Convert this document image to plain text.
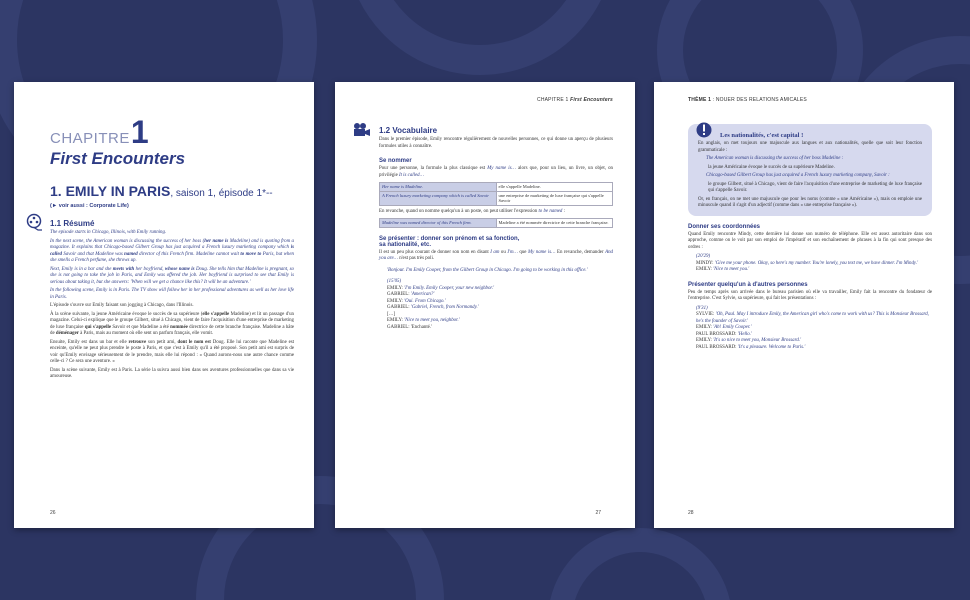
CHAPITRE 1
First Encounters
1. EMILY IN PARIS, saison 1, épisode 1*--
(► voir aussi : Corporate Life)
1.1 Résumé

The episode starts in Chicago, Illinois, with Emily running.

In the next scene, the American woman is discussing the success of her boss (her name is Madeline) and is quoting from a magazine. It explains that Chicago-based Gilbert Group has just acquired a French luxury marketing company which is called Savoir and that Madeline was named director of this French firm. Madeline cannot wait to move to Paris, but when she smells a French perfume, she throws up.

Next, Emily is in a bar and she meets with her boyfriend, whose name is Doug. She tells him that Madeline is pregnant, so she is not going to take the job in Paris, and Emily was offered the job. Her boyfriend is surprised to see that Emily is serious about taking it, but she answers: 'When will we get a chance like this? It will be an adventure.'

In the following scene, Emily is in Paris. The TV show will follow her in her professional adventures as well as her love life in Paris.

L'épisode s'ouvre sur Emily faisant son jogging à Chicago, dans l'Illinois.

À la scène suivante, la jeune Américaine évoque le succès de sa supérieure (elle s'appelle Madeline) et lit un passage d'un magazine. Celui-ci explique que le groupe Gilbert, situé à Chicago, vient de faire l'acquisition d'une entreprise de marketing de luxe française qui s'appelle Savoir et que Madeline a été nommée directrice de cette branche française. Madeline a hâte de déménager à Paris, mais au moment où elle sent un parfum français, elle vomit.

Ensuite, Emily est dans un bar et elle retrouve son petit ami, dont le nom est Doug. Elle lui raconte que Madeline est enceinte, qu'elle ne peut plus prendre le poste à Paris, et que c'est à Emily qu'il a été proposé. Son petit ami est surpris de voir qu'Emily envisage sérieusement de le prendre, mais elle lui répond : « Quand aurons-nous une autre chance comme celle-ci ? Ce sera une aventure. »

Dans la scène suivante, Emily est à Paris. La série la suivra aussi bien dans ses aventures professionnelles que dans sa vie amoureuse.

26
CHAPITRE 1 First Encounters
1.2 Vocabulaire

Dans le premier épisode, Emily rencontre régulièrement de nouvelles personnes, ce qui donne un aperçu de plusieurs formules utiles à connaître.

Se nommer

Pour une personne, la formule la plus classique est My name is… alors que, pour un lieu, un livre, un objet, on privilégie It is called…

Her name is Madeline.	elle s'appelle Madeline.
A French luxury marketing company which is called Savoir	une entreprise de marketing de luxe française qui s'appelle Savoir

En revanche, quand on nomme quelqu'un à un poste, on peut utiliser l'expression to be named :

Madeline was named director of this French firm.	Madeline a été nommée directrice de cette branche française.
Se présenter : donner son prénom et sa fonction,
sa nationalité, etc.

Il est un peu plus courant de donner son nom en disant I am ou I'm… que My name is… En revanche, demander And you are… n'est pas très poli.

'Bonjour. I'm Emily Cooper, from the Gilbert Group in Chicago. I'm going to be working in this office.'

(15'05)
EMILY: 'I'm Emily. Emily Cooper, your new neighbor.'
GABRIEL: 'American?'
EMILY: 'Oui. From Chicago.'
GABRIEL: 'Gabriel, French, from Normandy.'
[…]
EMILY: 'Nice to meet you, neighbor.'
GABRIEL: 'Enchanté.'
27
THÈME 1 : NOUER DES RELATIONS AMICALES
Les nationalités, c'est capital !

En anglais, on met toujours une majuscule aux langues et aux nationalités, quelle que soit leur fonction grammaticale :

The American woman is discussing the success of her boss Madeline :

la jeune Américaine évoque le succès de sa supérieure Madeline.

Chicago-based Gilbert Group has just acquired a French luxury marketing company, Savoir :

le groupe Gilbert, situé à Chicago, vient de faire l'acquisition d'une entreprise de marketing de luxe française qui s'appelle Savoir.

Or, en français, on ne met une majuscule que pour les noms (comme « une Américaine »), mais on emploie une minuscule quand il s'agit d'un adjectif (comme dans « une entreprise française »).

Donner ses coordonnées

Quand Emily rencontre Mindy, cette dernière lui donne son numéro de téléphone. Elle est assez autoritaire dans son approche, comme on le voit par son emploi de l'impératif et son enchaînement de phrases à la fin qui sont presque des ordres :

(20'29)
MINDY: 'Give me your phone. Okay, so here's my number. You're lonely, you text me, we have dinner. I'm Mindy.'
EMILY: 'Nice to meet you.'
Présenter quelqu'un à d'autres personnes

Peu de temps après son arrivée dans le bureau parisien où elle va travailler, Emily fait la rencontre du fondateur de l'entreprise. C'est Sylvie, sa supérieure, qui fait les présentations :

(9'31)
SYLVIE: 'Oh, Paul. May I introduce Emily, the American girl who's come to work with us? This is Monsieur Brossard, he's the founder of Savoir.'
EMILY: 'Ah! Emily Cooper.'
PAUL BROSSARD: 'Hello.'
EMILY: 'It's so nice to meet you, Monsieur Brossard.'
PAUL BROSSARD: 'It's a pleasure. Welcome to Paris.'
28
